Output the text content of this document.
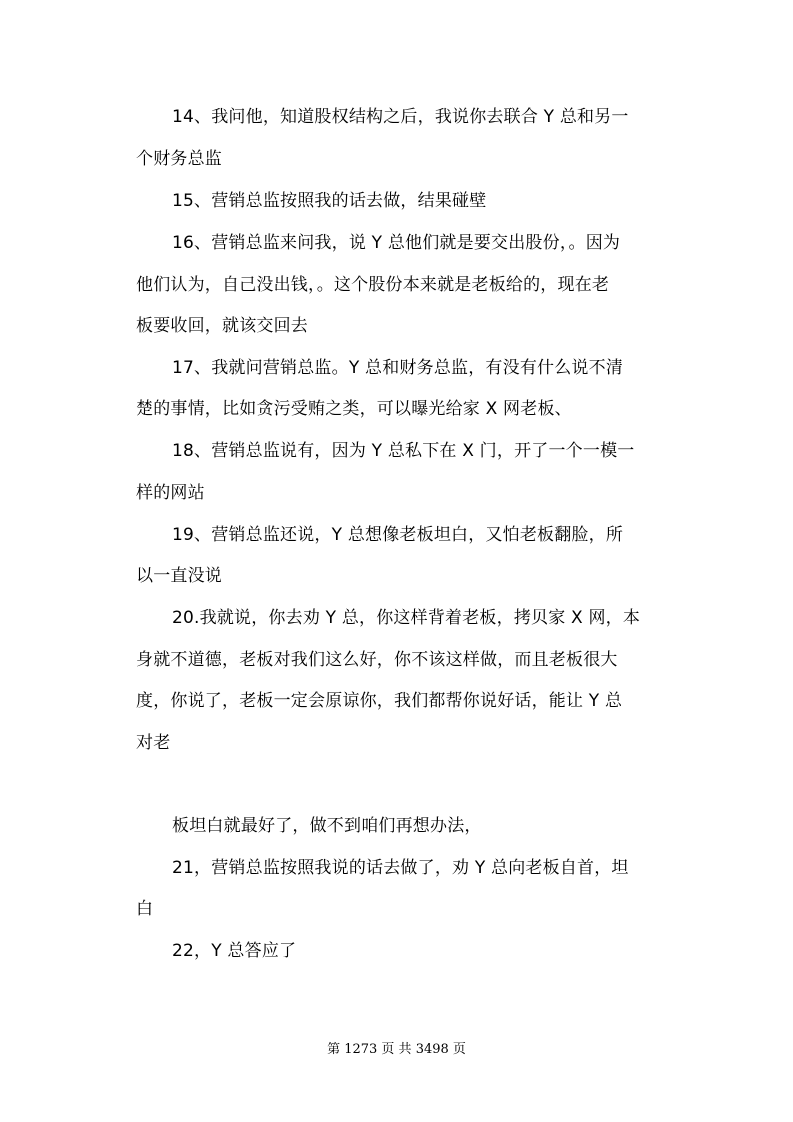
14、我问他，知道股权结构之后，我说你去联合 Y 总和另一
个财务总监
15、营销总监按照我的话去做，结果碰壁
16、营销总监来问我，说 Y 总他们就是要交出股份，。因为
他们认为，自己没出钱，。这个股份本来就是老板给的，现在老
板要收回，就该交回去
17、我就问营销总监。Y 总和财务总监，有没有什么说不清
楚的事情，比如贪污受贿之类，可以曝光给家 X 网老板、
18、营销总监说有，因为 Y 总私下在 X 门，开了一个一模一
样的网站
19、营销总监还说，Y 总想像老板坦白，又怕老板翻脸，所
以一直没说
20.我就说，你去劝 Y 总，你这样背着老板，拷贝家 X 网，本
身就不道德，老板对我们这么好，你不该这样做，而且老板很大
度，你说了，老板一定会原谅你，我们都帮你说好话，能让 Y 总
对老
板坦白就最好了，做不到咱们再想办法，
21，营销总监按照我说的话去做了，劝 Y 总向老板自首，坦
白
22，Y 总答应了
第 1273 页 共 3498 页
